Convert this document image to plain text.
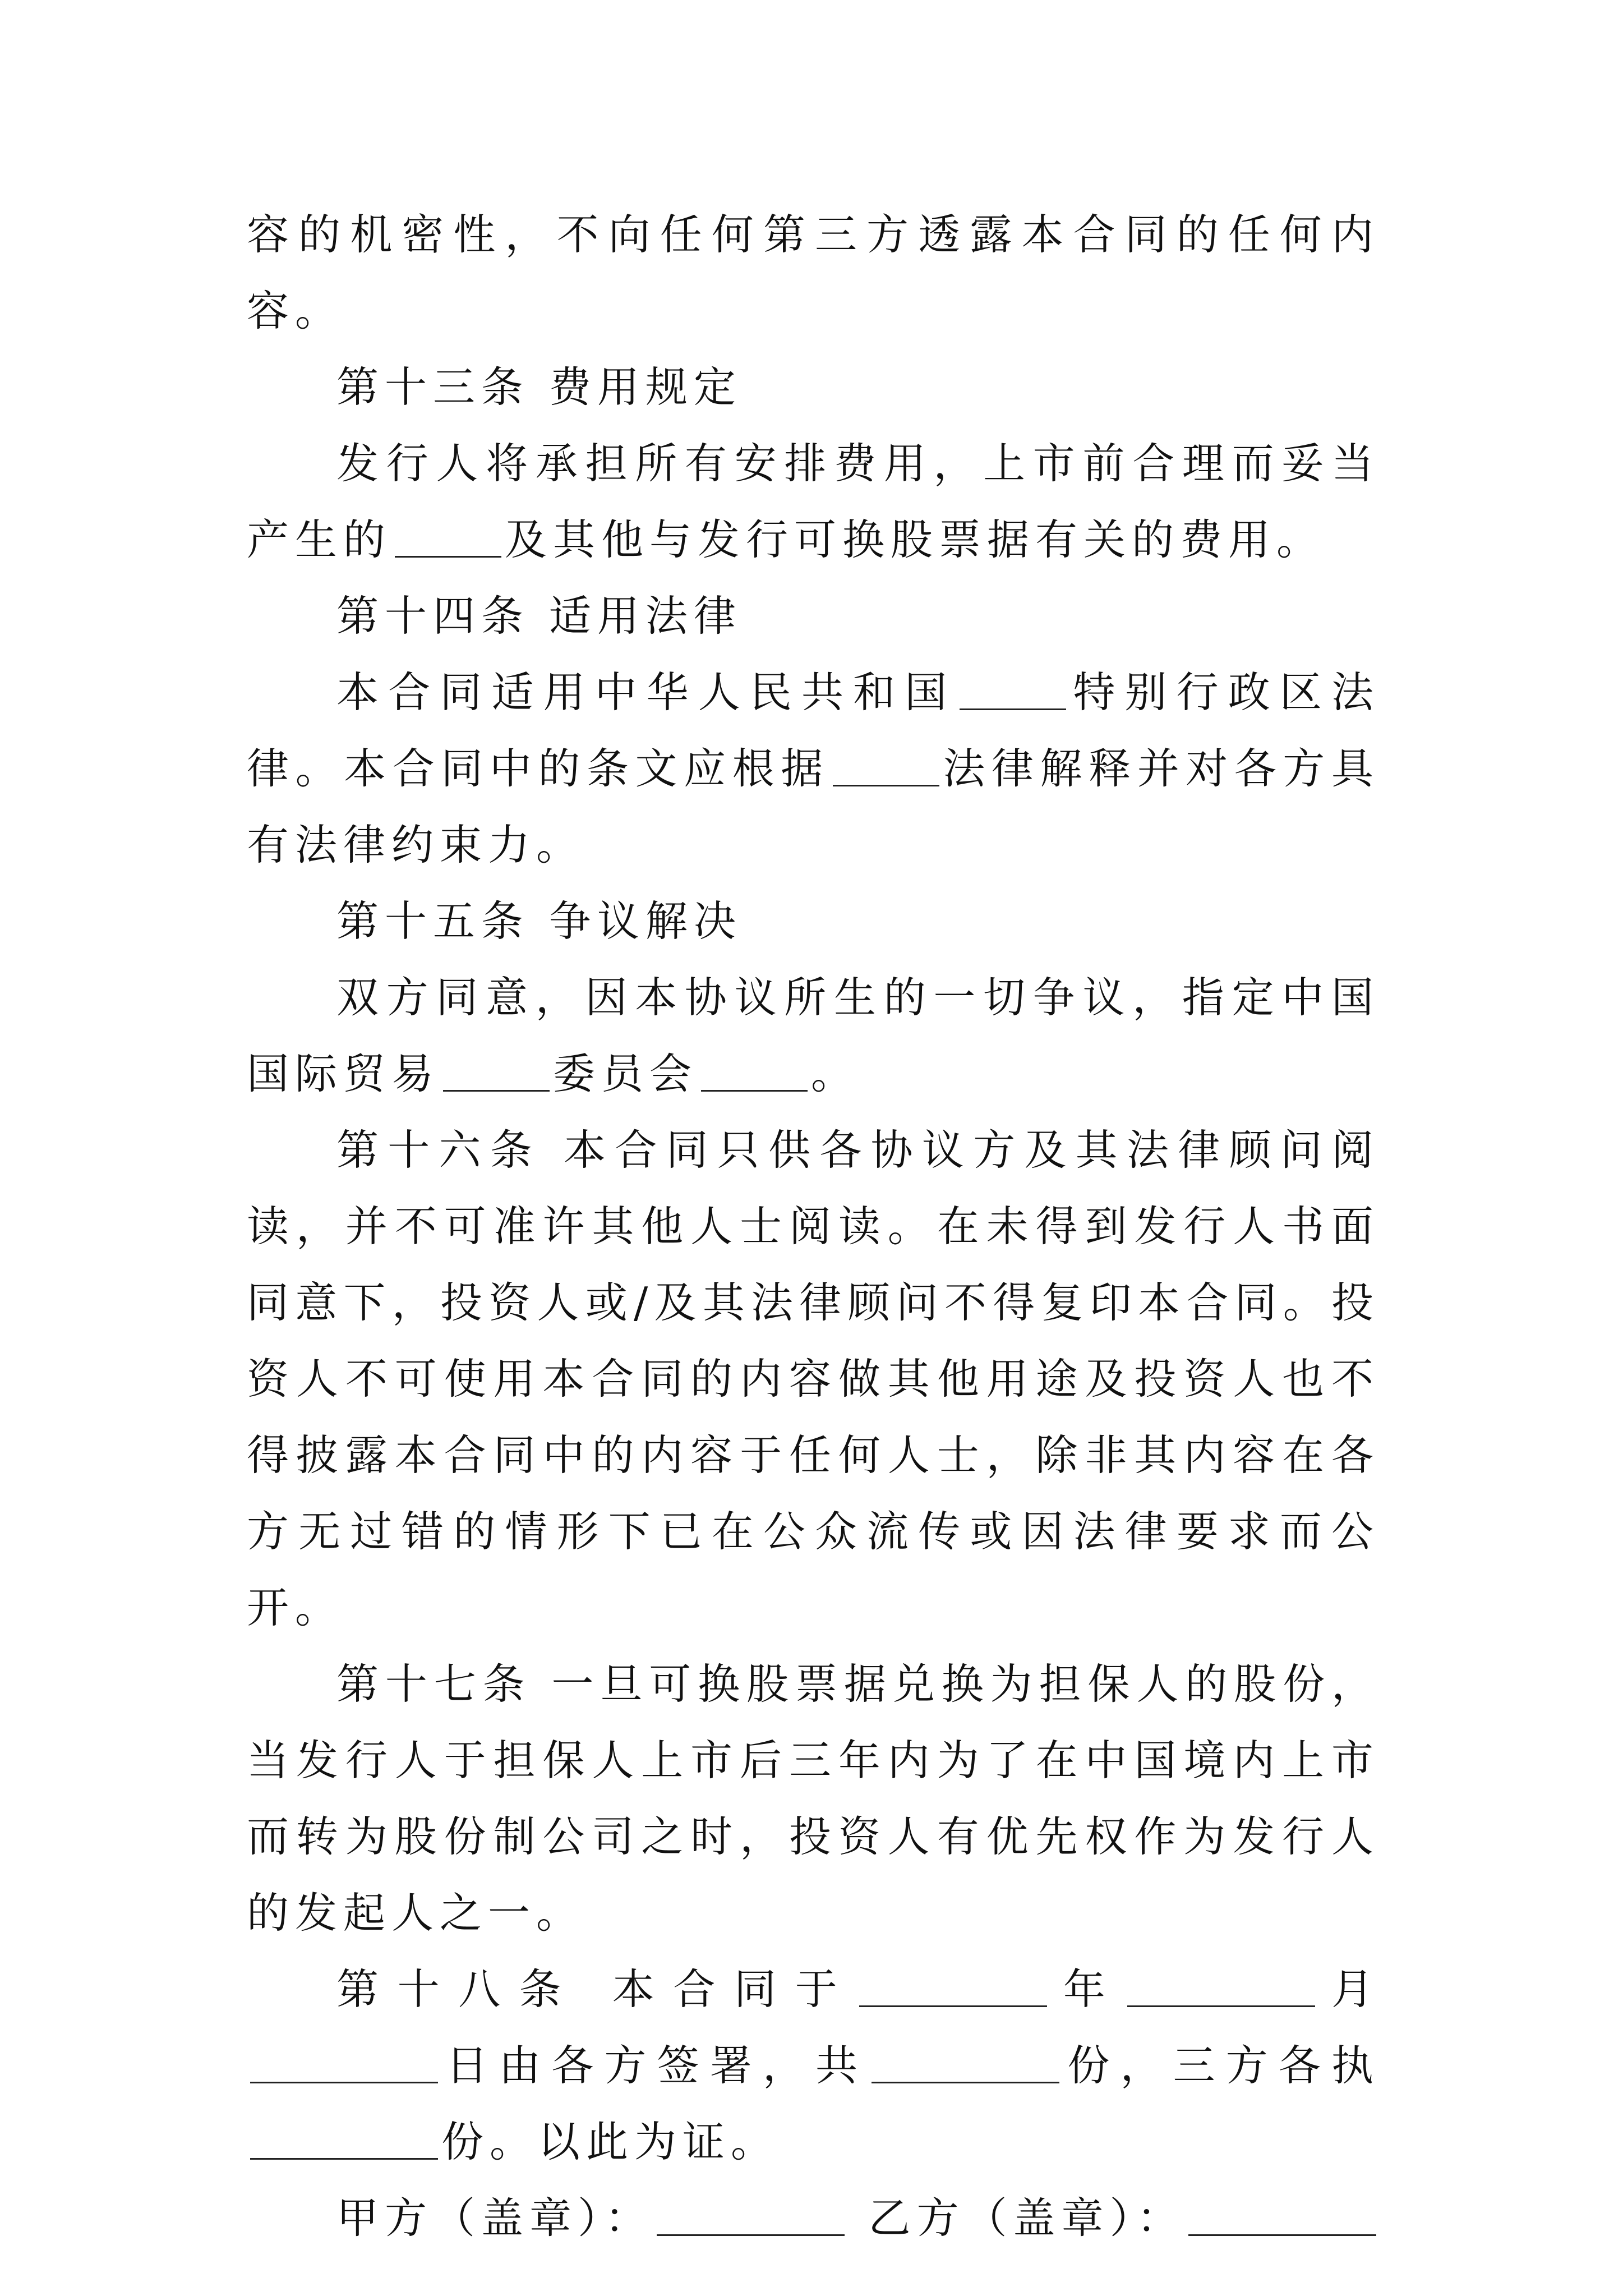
容的机密性，不向任何第三方透露本合同的任何内容。

第十三条 费用规定

发行人将承担所有安排费用，上市前合理而妥当产生的	及其他与发行可换股票据有关的费用。

第十四条 适用法律

本合同适用中华人民共和国	特别行政区法律。本合同中的条文应根据	法律解释并对各方具有法律约束力。

第十五条 争议解决

双方同意，因本协议所生的一切争议，指定中国国际贸易	委员会	。

第十六条 本合同只供各协议方及其法律顾问阅读，并不可准许其他人士阅读。在未得到发行人书面同意下，投资人或/及其法律顾问不得复印本合同。投资人不可使用本合同的内容做其他用途及投资人也不得披露本合同中的内容于任何人士，除非其内容在各方无过错的情形下已在公众流传或因法律要求而公开。

第十七条 一旦可换股票据兑换为担保人的股份，当发行人于担保人上市后三年内为了在中国境内上市而转为股份制公司之时，投资人有优先权作为发行人的发起人之一。

第十八条 本合同于	年	月日由各方签署，共	份，三方各执份。以此为证。

甲方（盖章）：	乙方（盖章）：
